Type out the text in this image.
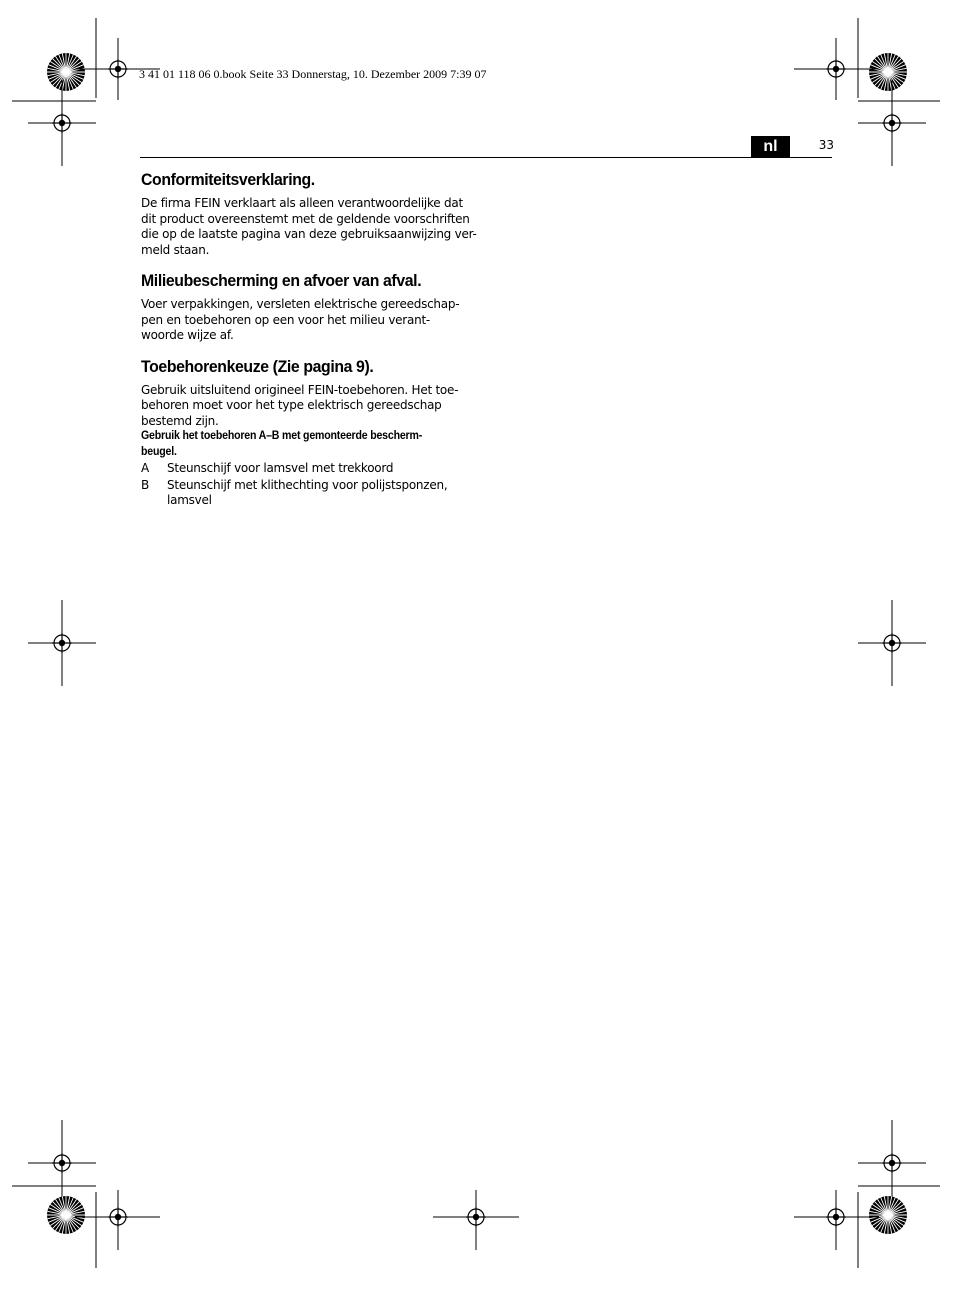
3 41 01 118 06 0.book Seite 33 Donnerstag, 10. Dezember 2009 7:39 07
nl	33
Conformiteitsverklaring.

De firma FEIN verklaart als alleen verantwoordelijke dat

dit product overeenstemt met de geldende voorschriften

die op de laatste pagina van deze gebruiksaanwijzing ver-

meld staan.

Milieubescherming en afvoer van afval.

Voer verpakkingen, versleten elektrische gereedschap-

pen en toebehoren op een voor het milieu verant-

woorde wijze af.

Toebehorenkeuze (Zie pagina 9).

Gebruik uitsluitend origineel FEIN-toebehoren. Het toe-

behoren moet voor het type elektrisch gereedschap

bestemd zijn.

Gebruik het toebehoren A–B met gemonteerde bescherm-
beugel.
A	Steunschijf voor lamsvel met trekkoord
B	Steunschijf met klithechting voor polijstsponzen,
lamsvel
